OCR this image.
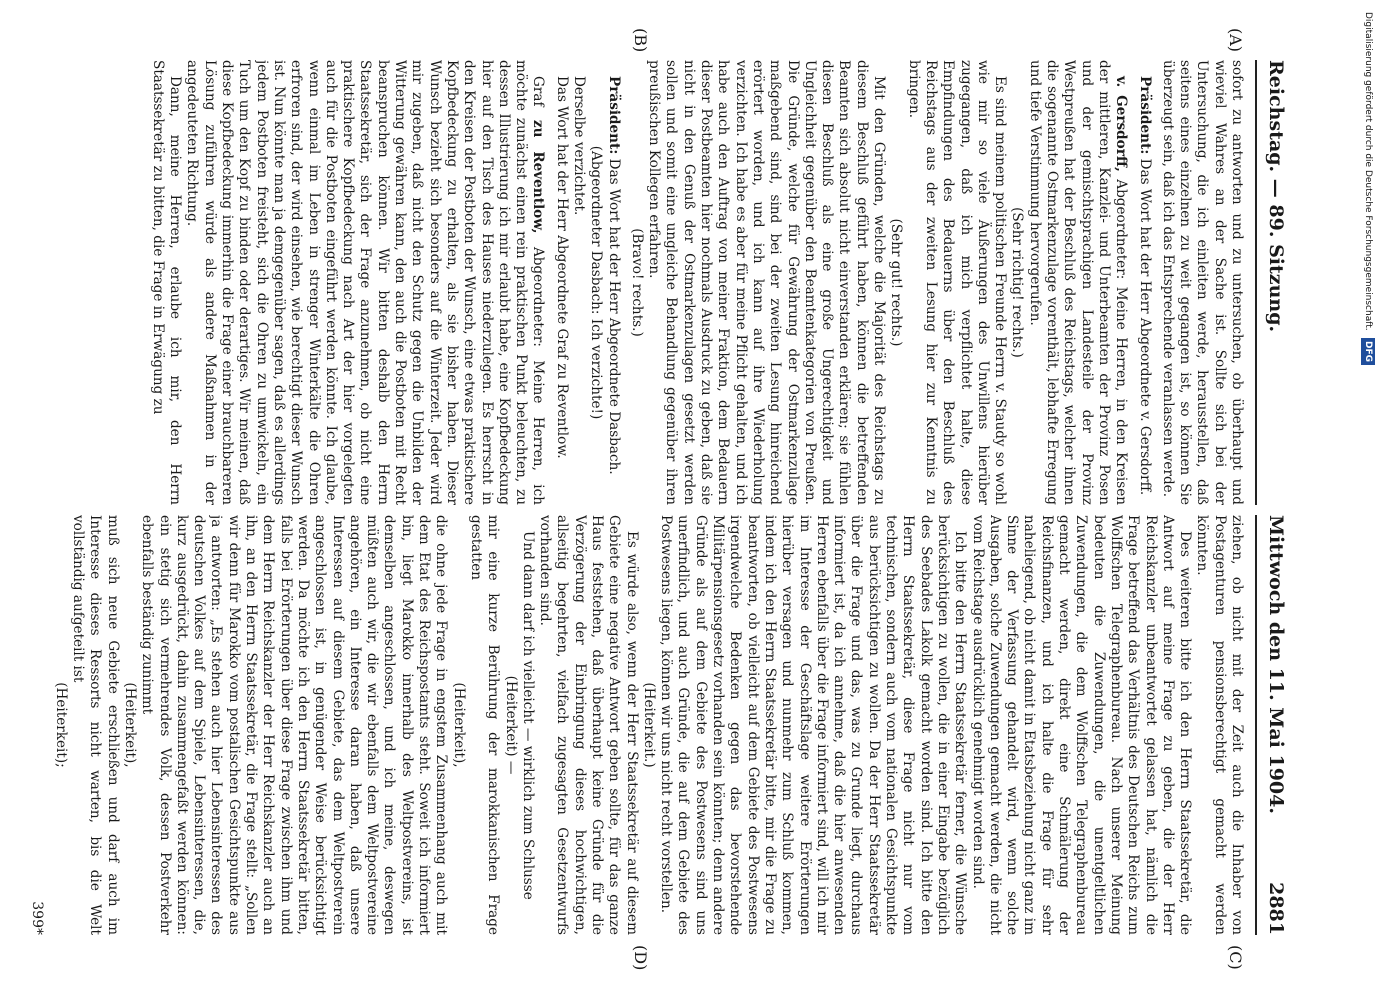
Reichstag. — 89. Sitzung.
Mittwoch den 11. Mai 1904.
2881
(A)
(B)
(C)
(D)

sofort zu antworten und zu untersuchen, ob überhaupt und wieviel Wahres an der Sache ist. Sollte sich bei der Untersuchung, die ich einleiten werde, herausstellen, daß seitens eines einzelnen zu weit gegangen ist, so können Sie überzeugt sein, daß ich das Entsprechende veranlassen werde.

Präsident: Das Wort hat der Herr Abgeordnete v. Gersdorff.

v. Gersdorff, Abgeordneter: Meine Herren, in den Kreisen der mittleren, Kanzlei- und Unterbeamten der Provinz Posen und der gemischtsprachigen Landesteile der Provinz Westpreußen hat der Beschluß des Reichstags, welcher ihnen die sogenannte Ostmarkenzulage vorenthält, lebhafte Erregung und tiefe Verstimmung hervorgerufen.

(Sehr richtig! rechts.)

Es sind meinem politischen Freunde Herrn v. Staudy so wohl wie mir so viele Äußerungen des Unwillens hierüber zugegangen, daß ich mich verpflichtet halte, diese Empfindungen des Bedauerns über den Beschluß des Reichstags aus der zweiten Lesung hier zur Kenntnis zu bringen.

(Sehr gut! rechts.)

Mit den Gründen, welche die Majorität des Reichstags zu diesem Beschluß geführt haben, können die betreffenden Beamten sich absolut nicht einverstanden erklären; sie fühlen diesen Beschluß als eine große Ungerechtigkeit und Ungleichheit gegenüber den Beamtenkategorien von Preußen. Die Gründe, welche für Gewährung der Ostmarkenzulage maßgebend sind, sind bei der zweiten Lesung hinreichend erörtert worden, und ich kann auf ihre Wiederholung verzichten. Ich habe es aber für meine Pflicht gehalten, und ich habe auch den Auftrag von meiner Fraktion, dem Bedauern dieser Postbeamten hier nochmals Ausdruck zu geben, daß sie nicht in den Genuß der Ostmarkenzulagen gesetzt werden sollen und somit eine ungleiche Behandlung gegenüber ihren preußischen Kollegen erfahren.

(Bravo! rechts.)

Präsident: Das Wort hat der Herr Abgeordnete Dasbach.

(Abgeordneter Dasbach: Ich verzichte!)

Derselbe verzichtet.

Das Wort hat der Herr Abgeordnete Graf zu Reventlow.

Graf zu Reventlow, Abgeordneter: Meine Herren, ich möchte zunächst einen rein praktischen Punkt beleuchten, zu dessen Illustrierung ich mir erlaubt habe, eine Kopfbedeckung hier auf den Tisch des Hauses niederzulegen. Es herrscht in den Kreisen der Postboten der Wunsch, eine etwas praktischere Kopfbedeckung zu erhalten, als sie bisher haben. Dieser Wunsch bezieht sich besonders auf die Winterzeit. Jeder wird mir zugeben, daß nicht den Schutz gegen die Unbilden der Witterung gewähren kann, den auch die Postboten mit Recht beanspruchen können. Wir bitten deshalb den Herrn Staatssekretär, sich der Frage anzunehmen, ob nicht eine praktischere Kopfbedeckung nach Art der hier vorgelegten auch für die Postboten eingeführt werden könnte. Ich glaube, wenn einmal im Leben in strenger Winterkälte die Ohren erfroren sind, der wird einsehen, wie berechtigt dieser Wunsch ist. Nun könnte man ja demgegenüber sagen, daß es allerdings jedem Postboten freisteht, sich die Ohren zu umwickeln, ein Tuch um den Kopf zu binden oder derartiges. Wir meinen, daß diese Kopfbedeckung immerhin die Frage einer brauchbareren Lösung zuführen würde als andere Maßnahmen in der angedeuteten Richtung.

Dann, meine Herren, erlaube ich mir, den Herrn Staatssekretär zu bitten, die Frage in Erwägung zu

ziehen, ob nicht mit der Zeit auch die Inhaber von Postagenturen pensionsberechtigt gemacht werden könnten.

Des weiteren bitte ich den Herrn Staatssekretär, die Antwort auf meine Frage zu geben, die der Herr Reichskanzler unbeantwortet gelassen hat, nämlich die Frage betreffend das Verhältnis des Deutschen Reichs zum Wolffschen Telegraphenbureau. Nach unserer Meinung bedeuten die Zuwendungen, die unentgeltlichen Zuwendungen, die dem Wolffschen Telegraphenbureau gemacht werden, direkt eine Schmälerung der Reichsfinanzen, und ich halte die Frage für sehr naheliegend, ob nicht damit in Etatsbeziehung nicht ganz im Sinne der Verfassung gehandelt wird, wenn solche Ausgaben, solche Zuwendungen gemacht werden, die nicht vom Reichstage ausdrücklich genehmigt worden sind.

Ich bitte den Herrn Staatssekretär ferner, die Wünsche berücksichtigen zu wollen, die in einer Eingabe bezüglich des Seebades Lakolk gemacht worden sind. Ich bitte den Herrn Staatssekretär, diese Frage nicht nur vom technischen, sondern auch vom nationalen Gesichtspunkte aus berücksichtigen zu wollen. Da der Herr Staatssekretär über die Frage und das, was zu Grunde liegt, durchaus informiert ist, da ich annehme, daß die hier anwesenden Herren ebenfalls über die Frage informiert sind, will ich mir im Interesse der Geschäftslage weitere Erörterungen hierüber versagen und nunmehr zum Schluß kommen, indem ich den Herrn Staatssekretär bitte, mir die Frage zu beantworten, ob vielleicht auf dem Gebiete des Postwesens irgendwelche Bedenken gegen das bevorstehende Militärpensionsgesetz vorhanden sein könnten; denn andere Gründe als auf dem Gebiete des Postwesens sind uns unerfindlich, und auch Gründe, die auf dem Gebiete des Postwesens liegen, können wir uns nicht recht vorstellen.

(Heiterkeit.)

Es würde also, wenn der Herr Staatssekretär auf diesem Gebiete eine negative Antwort geben sollte, für das ganze Haus feststehen, daß überhaupt keine Gründe für die Verzögerung der Einbringung dieses hochwichtigen, allseitig begehrten, vielfach zugesagten Gesetzentwurfs vorhanden sind.

Und dann darf ich vielleicht — wirklich zum Schlusse

(Heiterkeit) —

mir eine kurze Berührung der marokkanischen Frage gestatten

(Heiterkeit),

die ohne jede Frage in engstem Zusammenhang auch mit dem Etat des Reichspostamts steht. Soweit ich informiert bin, liegt Marokko innerhalb des Weltpostvereins, ist demselben angeschlossen, und ich meine, deswegen müßten auch wir, die wir ebenfalls dem Weltpostvereine angehören, ein Interesse daran haben, daß unsere Interessen auf diesem Gebiete, das dem Weltpostverein angeschlossen ist, in genügender Weise berücksichtigt werden. Da möchte ich den Herrn Staatssekretär bitten, falls bei Erörterungen über diese Frage zwischen ihm und dem Herrn Reichskanzler der Herr Reichskanzler auch an ihn, an den Herrn Staatssekretär, die Frage stellt: „Sollen wir denn für Marokko vom postalischen Gesichtspunkte aus ja antworten: „Es stehen auch hier Lebensinteressen des deutschen Volkes auf dem Spiele, Lebensinteressen, die, kurz ausgedrückt, dahin zusammengefaßt werden können: ein stetig sich vermehrendes Volk, dessen Postverkehr ebenfalls beständig zunimmt

(Heiterkeit),

muß sich neue Gebiete erschließen und darf auch im Interesse dieses Ressorts nicht warten, bis die Welt vollständig aufgeteilt ist

(Heiterkeit);

399*
Digitalisierung gefördert durch die Deutsche Forschungsgemeinschaft. DFG
